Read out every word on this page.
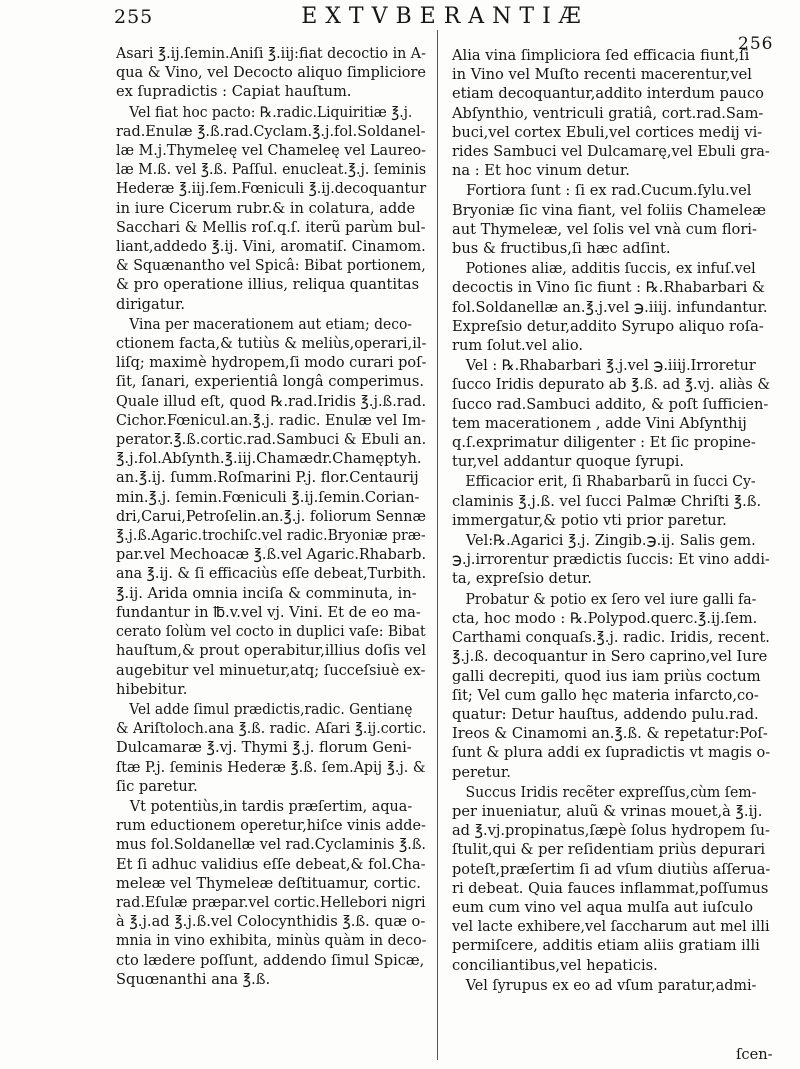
255	EXTVBERANTIÆ
256
Asari ℥.ij.ſemin.Aniſi ℥.iij:fiat decoctio in A-
qua & Vino, vel Decocto aliquo ſimpliciore
ex ſupradictis : Capiat hauſtum.
Vel fiat hoc pacto: ℞.radic.Liquiritiæ ℥.j.
rad.Enulæ ℥.ß.rad.Cyclam.℥.j.fol.Soldanel-
læ M.j.Thymeleę vel Chameleę vel Laureo-
læ M.ß. vel ℥.ß. Paſſul. enucleat.℥.j. ſeminis
Hederæ ℥.iij.ſem.Fœniculi ℥.ij.decoquantur
in iure Cicerum rubr.& in colatura, adde
Sacchari & Mellis roſ.q.ſ. iterũ parùm bul-
liant,addedo ℥.ij. Vini, aromatiſ. Cinamom.
& Squænantho vel Spicâ: Bibat portionem,
& pro operatione illius, reliqua quantitas
dirigatur.
Vina per macerationem aut etiam; deco-
ctionem facta,& tutiùs & meliùs,operari,il-
liſq; maximè hydropem,ſi modo curari poſ-
ſit, ſanari, experientiâ longâ comperimus.
Quale illud eſt, quod ℞.rad.Iridis ℥.j.ß.rad.
Cichor.Fœnicul.an.℥.j. radic. Enulæ vel Im-
perator.℥.ß.cortic.rad.Sambuci & Ebuli an.
℥.j.fol.Abſynth.℥.iij.Chamædr.Chamęptyh.
an.℥.ij. ſumm.Roſmarini P.j. flor.Centaurij
min.℥.j. ſemin.Fœniculi ℥.ij.ſemin.Corian-
dri,Carui,Petroſelin.an.℥.j. foliorum Sennæ
℥.j.ß.Agaric.trochiſc.vel radic.Bryoniæ præ-
par.vel Mechoacæ ℥.ß.vel Agaric.Rhabarb.
ana ℥.ij. & ſi efficaciùs eſſe debeat,Turbith.
℥.ij. Arida omnia inciſa & comminuta, in-
fundantur in ℔.v.vel vj. Vini. Et de eo ma-
cerato ſolùm vel cocto in duplici vaſe: Bibat
hauſtum,& prout operabitur,illius doſis vel
augebitur vel minuetur,atq; ſucceſsiuè ex-
hibebitur.
Vel adde ſimul prædictis,radic. Gentianę
& Ariſtoloch.ana ℥.ß. radic. Aſari ℥.ij.cortic.
Dulcamaræ ℥.vj. Thymi ℥.j. florum Geni-
ſtæ P.j. ſeminis Hederæ ℥.ß. ſem.Apij ℥.j. &
ſic paretur.
Vt potentiùs,in tardis præſertim, aqua-
rum eductionem operetur,hiſce vinis adde-
mus fol.Soldanellæ vel rad.Cyclaminis ℥.ß.
Et ſi adhuc validius eſſe debeat,& fol.Cha-
meleæ vel Thymeleæ deſtituamur, cortic.
rad.Eſulæ præpar.vel cortic.Hellebori nigri
à ℥.j.ad ℥.j.ß.vel Colocynthidis ℥.ß. quæ o-
mnia in vino exhibita, minùs quàm in deco-
cto lædere poſſunt, addendo ſimul Spicæ,
Squœnanthi ana ℥.ß.
Alia vina ſimpliciora ſed efficacia fiunt,ſi
in Vino vel Muſto recenti macerentur,vel
etiam decoquantur,addito interdum pauco
Abſynthio, ventriculi gratiâ, cort.rad.Sam-
buci,vel cortex Ebuli,vel cortices medij vi-
rides Sambuci vel Dulcamarę,vel Ebuli gra-
na : Et hoc vinum detur.
Fortiora ſunt : ſi ex rad.Cucum.ſylu.vel
Bryoniæ ſic vina fiant, vel foliis Chameleæ
aut Thymeleæ, vel ſolis vel vnà cum flori-
bus & fructibus,ſi hæc adſint.
Potiones aliæ, additis ſuccis, ex infuſ.vel
decoctis in Vino ſic fiunt : ℞.Rhabarbari &
fol.Soldanellæ an.℥.j.vel ℈.iiij. infundantur.
Expreſsio detur,addito Syrupo aliquo roſa-
rum ſolut.vel alio.
Vel : ℞.Rhabarbari ℥.j.vel ℈.iiij.Irroretur
ſucco Iridis depurato ab ℥.ß. ad ℥.vj. aliàs &
ſucco rad.Sambuci addito, & poſt ſufficien-
tem macerationem , adde Vini Abſynthij
q.ſ.exprimatur diligenter : Et ſic propine-
tur,vel addantur quoque ſyrupi.
Efficacior erit, ſi Rhabarbarũ in ſucci Cy-
claminis ℥.j.ß. vel ſucci Palmæ Chriſti ℥.ß.
immergatur,& potio vti prior paretur.
Vel:℞.Agarici ℥.j. Zingib.℈.ij. Salis gem.
℈.j.irrorentur prædictis ſuccis: Et vino addi-
ta, expreſsio detur.
Probatur & potio ex ſero vel iure galli fa-
cta, hoc modo : ℞.Polypod.querc.℥.ij.ſem.
Carthami conquaſs.℥.j. radic. Iridis, recent.
℥.j.ß. decoquantur in Sero caprino,vel Iure
galli decrepiti, quod ius iam priùs coctum
ſit; Vel cum gallo hęc materia infarcto,co-
quatur: Detur hauſtus, addendo pulu.rad.
Ireos & Cinamomi an.℥.ß. & repetatur:Poſ-
ſunt & plura addi ex ſupradictis vt magis o-
peretur.
Succus Iridis recẽter expreſſus,cùm ſem-
per inueniatur, aluũ & vrinas mouet,à ℥.ij.
ad ℥.vj.propinatus,ſæpè ſolus hydropem ſu-
ſtulit,qui & per reſidentiam priùs depurari
poteſt,præſertim ſi ad vſum diutiùs aſſerua-
ri debeat. Quia fauces inflammat,poſſumus
eum cum vino vel aqua mulſa aut iuſculo
vel lacte exhibere,vel ſaccharum aut mel illi
permiſcere, additis etiam aliis gratiam illi
conciliantibus,vel hepaticis.
Vel ſyrupus ex eo ad vſum paratur,admi-
ſcen-
